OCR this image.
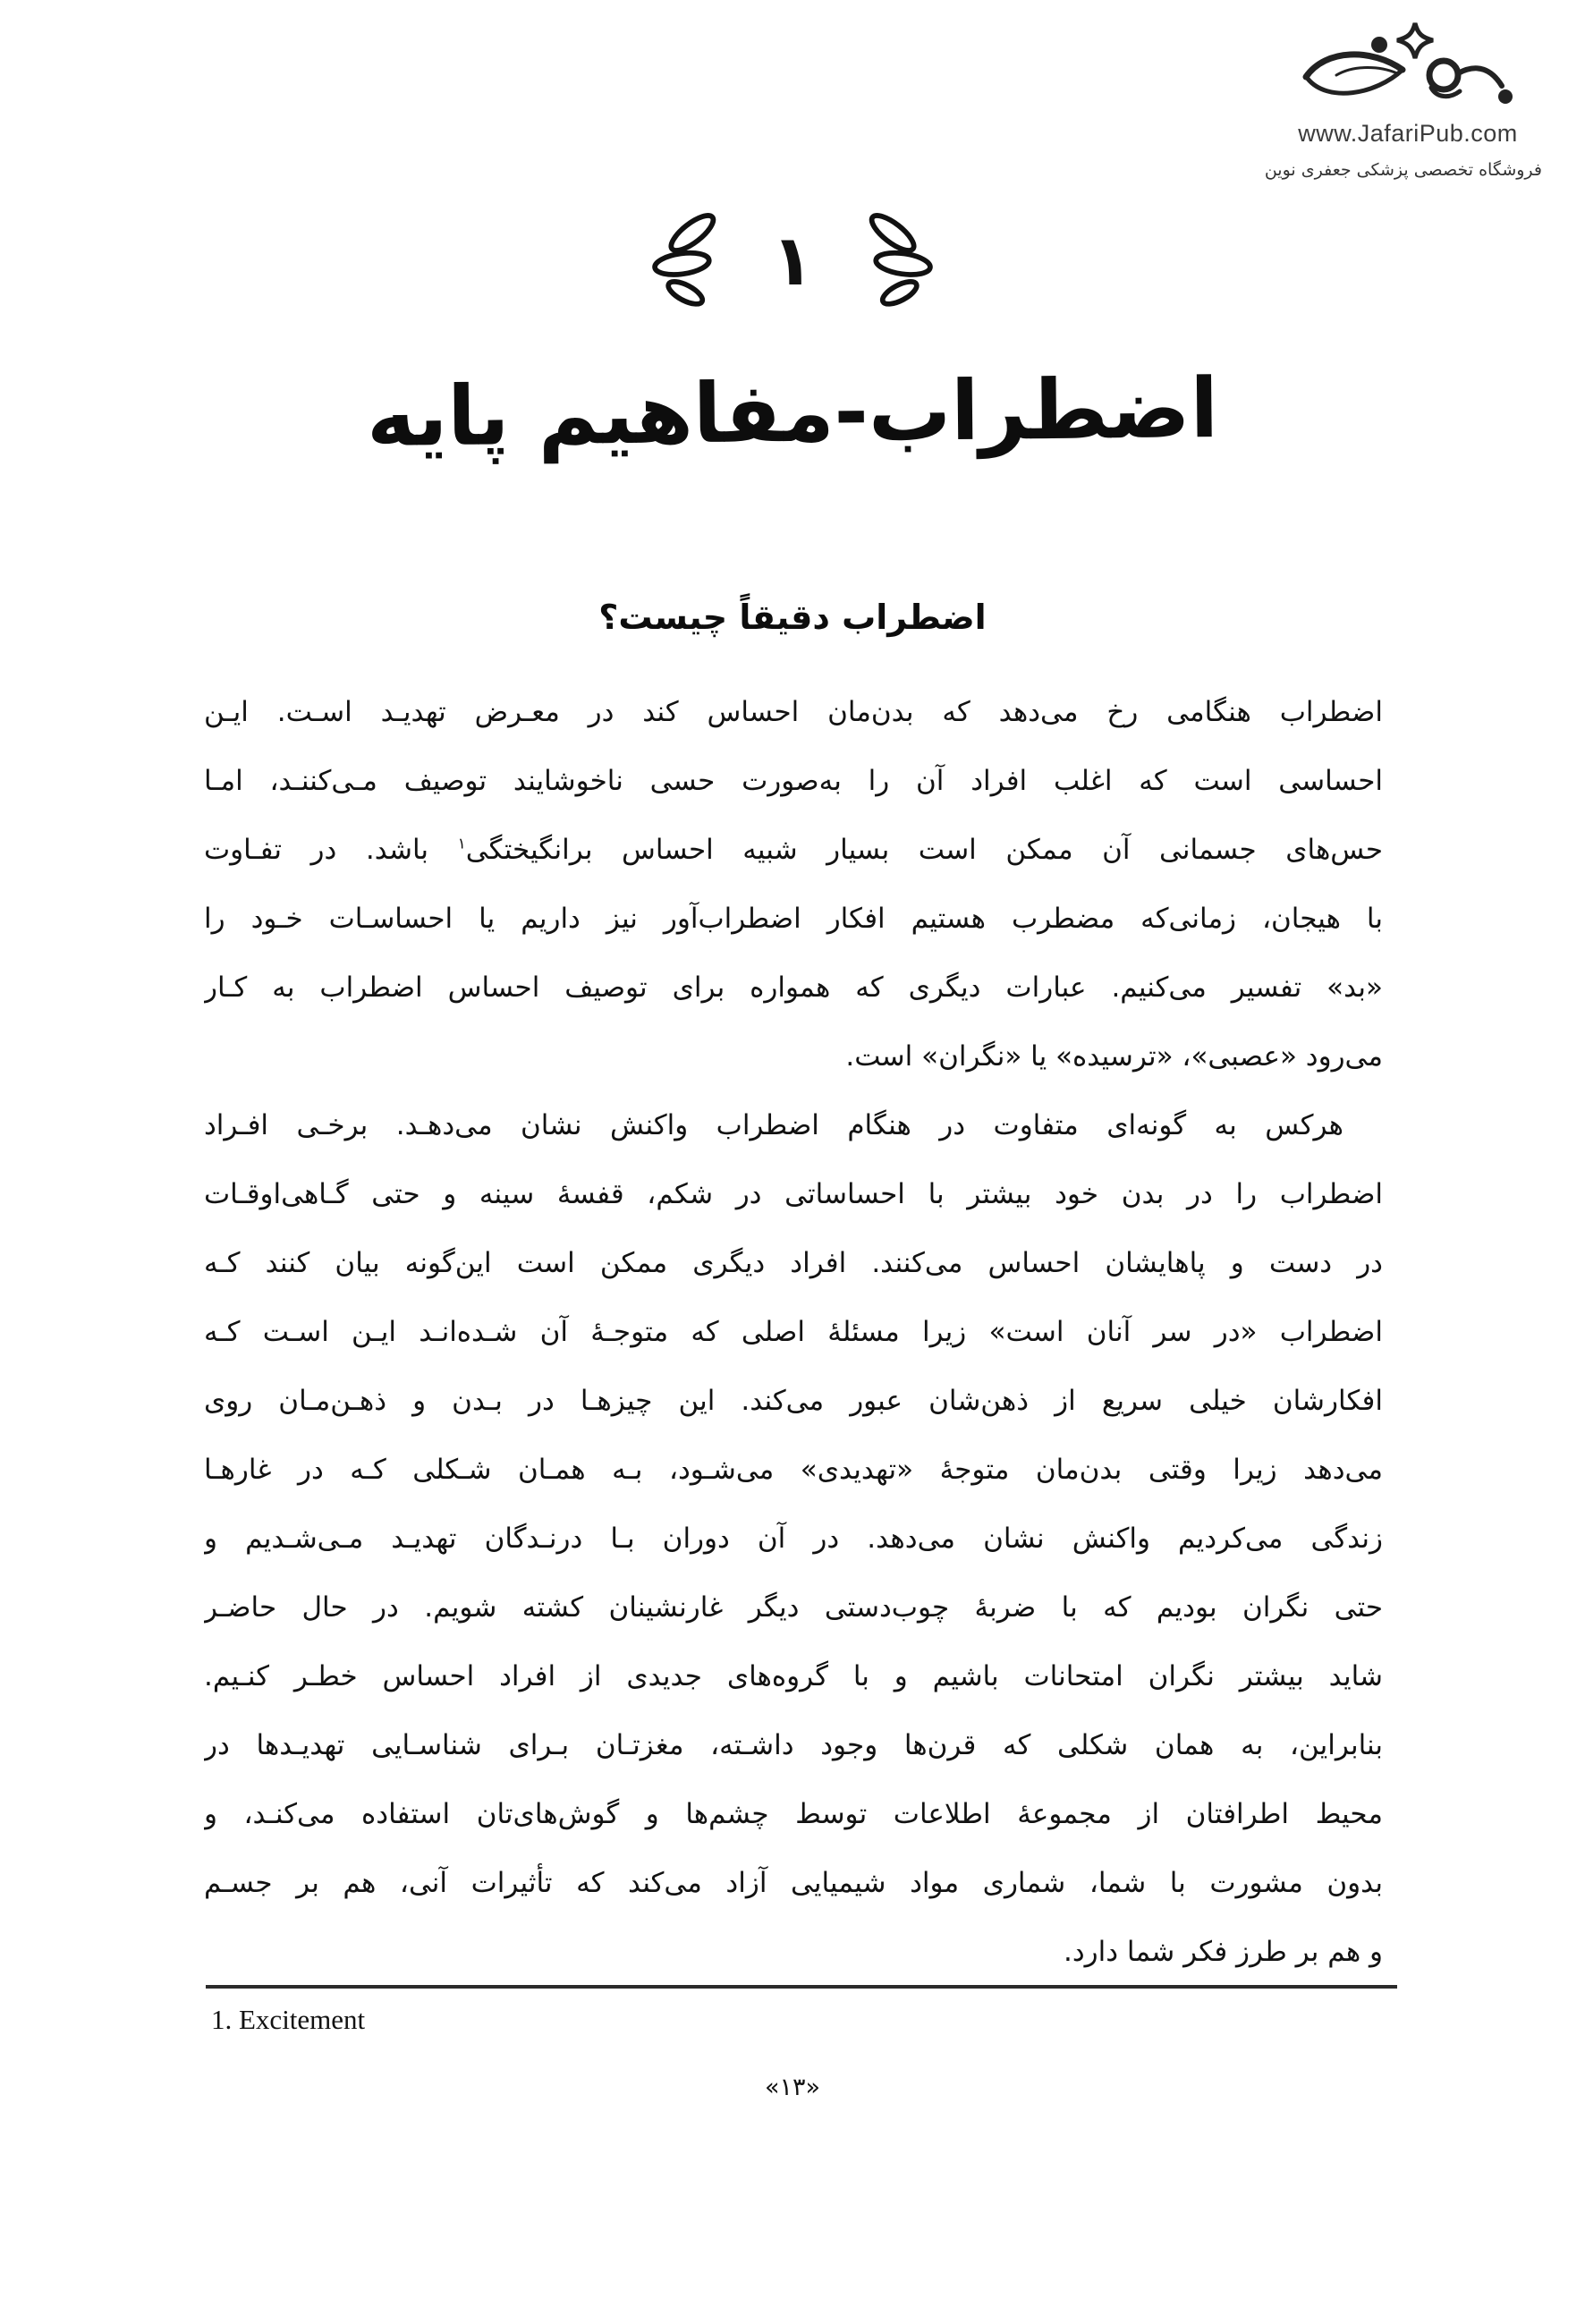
www.JafariPub.com
فروشگاه تخصصی پزشکی جعفری نوین
۱
اضطراب-مفاهیم پایه
اضطراب دقیقاً چیست؟
اضطراب هنگامی رخ می‌دهد که بدن‌مان احساس کند در معـرض تهدیـد اسـت. ایـن
احساسی است که اغلب افراد آن را به‌صورت حسی ناخوشایند توصیف مـی‌کننـد، امـا
حس‌های جسمانی آن ممکن است بسیار شبیه احساس برانگیختگی$^۱$ باشد. در تفـاوت
با هیجان، زمانی‌که مضطرب هستیم افکار اضطراب‌آور نیز داریم یا احساسـات خـود را
«بد» تفسیر می‌کنیم. عبارات دیگری که همواره برای توصیف احساس اضطراب به کـار
می‌رود «عصبی»، «ترسیده» یا «نگران» است.
هرکس به گونه‌ای متفاوت در هنگام اضطراب واکنش نشان می‌دهـد. برخـی افـراد
اضطراب را در بدن خود بیشتر با احساساتی در شکم، قفسهٔ سینه و حتی گـاهی‌اوقـات
در دست و پاهایشان احساس می‌کنند. افراد دیگری ممکن است این‌گونه بیان کنند کـه
اضطراب «در سر آنان است» زیرا مسئلهٔ اصلی که متوجـهٔ آن شـده‌انـد ایـن اسـت کـه
افکارشان خیلی سریع از ذهن‌شان عبور می‌کند. این چیزهـا در بـدن و ذهـن‌مـان روی
می‌دهد زیرا وقتی بدن‌مان متوجهٔ «تهدیدی» می‌شـود، بـه همـان شـکلی کـه در غارهـا
زندگی می‌کردیم واکنش نشان می‌دهد. در آن دوران بـا درنـدگان تهدیـد مـی‌شـدیم و
حتی نگران بودیم که با ضربهٔ چوب‌دستی دیگر غارنشینان کشته شویم. در حال حاضـر
شاید بیشتر نگران امتحانات باشیم و با گروه‌های جدیدی از افراد احساس خطـر کنـیم.
بنابراین، به همان شکلی که قرن‌ها وجود داشـته، مغزتـان بـرای شناسـایی تهدیـدها در
محیط اطرافتان از مجموعهٔ اطلاعات توسط چشم‌ها و گوش‌های‌تان استفاده می‌کنـد، و
بدون مشورت با شما، شماری مواد شیمیایی آزاد می‌کند که تأثیرات آنی، هم بر جسـم
و هم بر طرز فکر شما دارد.
1. Excitement
«۱۳»
